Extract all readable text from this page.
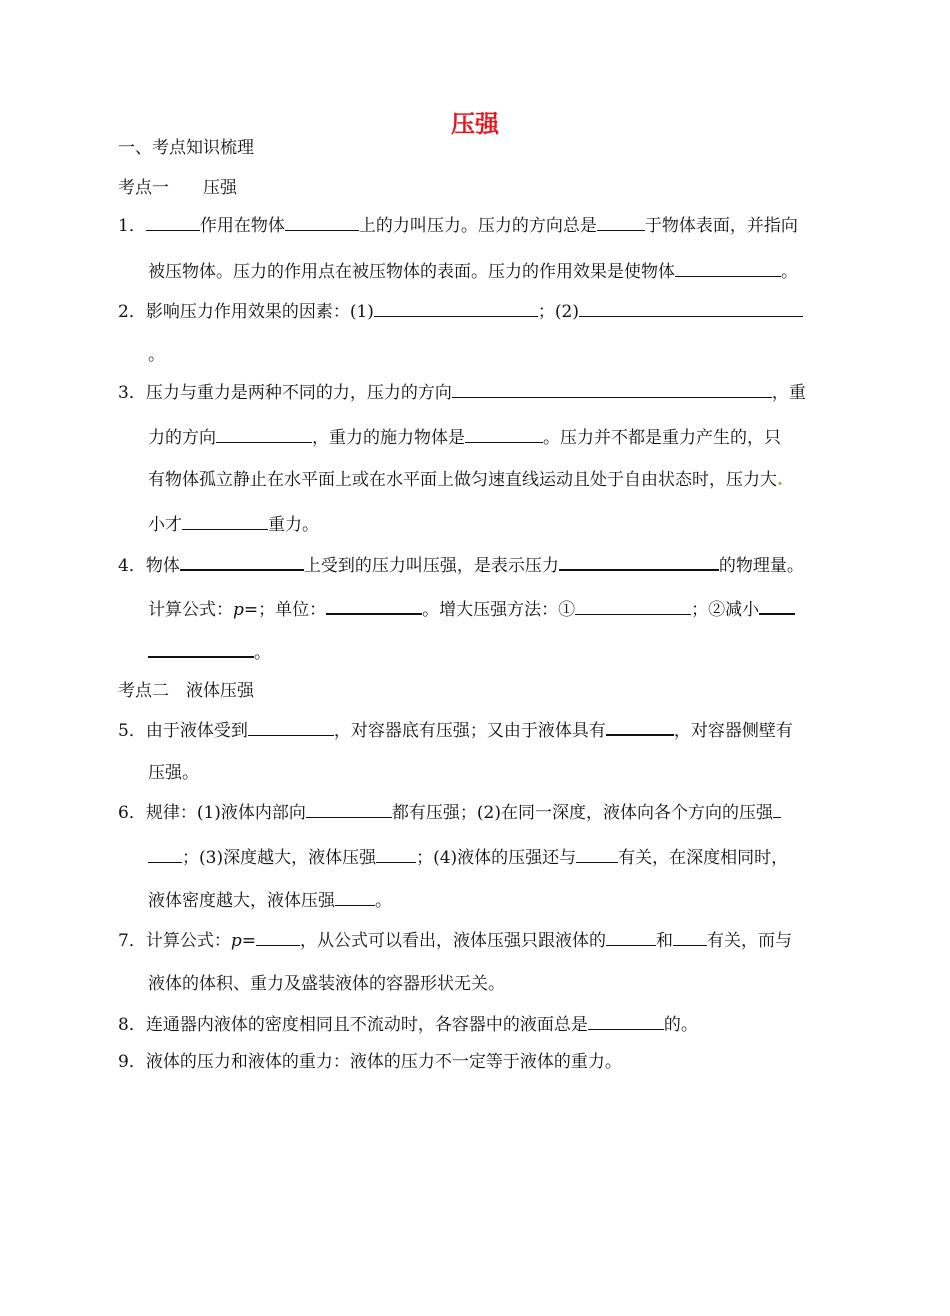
压强
一、考点知识梳理
考点一　　压强
1．	作用在物体	上的力叫压力。压力的方向总是	于物体表面，并指向
被压物体。压力的作用点在被压物体的表面。压力的作用效果是使物体	。
2．影响压力作用效果的因素：(1)	；(2)
。
3．压力与重力是两种不同的力，压力的方向	，重
力的方向	，重力的施力物体是	。压力并不都是重力产生的，只
有物体孤立静止在水平面上或在水平面上做匀速直线运动且处于自由状态时，压力大.
小才	重力。
4．物体	上受到的压力叫压强，是表示压力	的物理量。
计算公式：p=；单位：	。增大压强方法：①	；②减小
。
考点二　液体压强
5．由于液体受到	，对容器底有压强；又由于液体具有	，对容器侧壁有
压强。
6．规律：(1)液体内部向	都有压强；(2)在同一深度，液体向各个方向的压强
；(3)深度越大，液体压强 ；(4)液体的压强还与 有关，在深度相同时，
液体密度越大，液体压强 。
7．计算公式：p=	，从公式可以看出，液体压强只跟液体的	和 有关，而与
液体的体积、重力及盛装液体的容器形状无关。
8．连通器内液体的密度相同且不流动时，各容器中的液面总是	的。
9．液体的压力和液体的重力：液体的压力不一定等于液体的重力。
